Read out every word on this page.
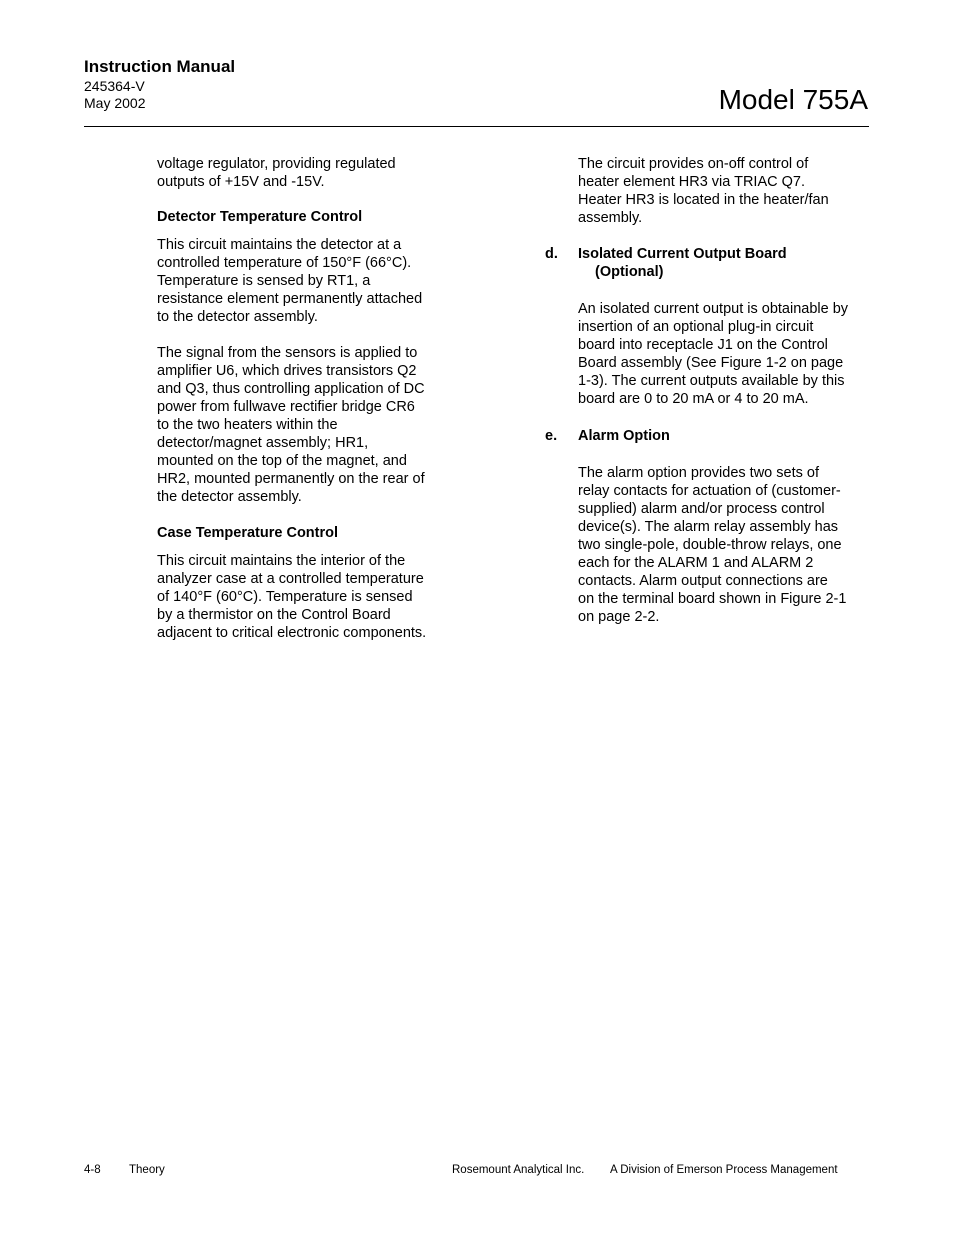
Instruction Manual
245364-V
May 2002	Model 755A

voltage regulator, providing regulated
outputs of +15V and -15V.

Detector Temperature Control

This circuit maintains the detector at a
controlled temperature of 150°F (66°C).
Temperature is sensed by RT1, a
resistance element permanently attached
to the detector assembly.

The signal from the sensors is applied to
amplifier U6, which drives transistors Q2
and Q3, thus controlling application of DC
power from fullwave rectifier bridge CR6
to the two heaters within the
detector/magnet assembly; HR1,
mounted on the top of the magnet, and
HR2, mounted permanently on the rear of
the detector assembly.

Case Temperature Control

This circuit maintains the interior of the
analyzer case at a controlled temperature
of 140°F (60°C). Temperature is sensed
by a thermistor on the Control Board
adjacent to critical electronic components.

The circuit provides on-off control of
heater element HR3 via TRIAC Q7.
Heater HR3 is located in the heater/fan
assembly.

d. Isolated Current Output Board
(Optional)

An isolated current output is obtainable by
insertion of an optional plug-in circuit
board into receptacle J1 on the Control
Board assembly (See Figure 1-2 on page
1-3). The current outputs available by this
board are 0 to 20 mA or 4 to 20 mA.

e. Alarm Option

The alarm option provides two sets of
relay contacts for actuation of (customer-
supplied) alarm and/or process control
device(s). The alarm relay assembly has
two single-pole, double-throw relays, one
each for the ALARM 1 and ALARM 2
contacts. Alarm output connections are
on the terminal board shown in Figure 2-1
on page 2-2.

4-8 Theory	Rosemount Analytical Inc. A Division of Emerson Process Management
